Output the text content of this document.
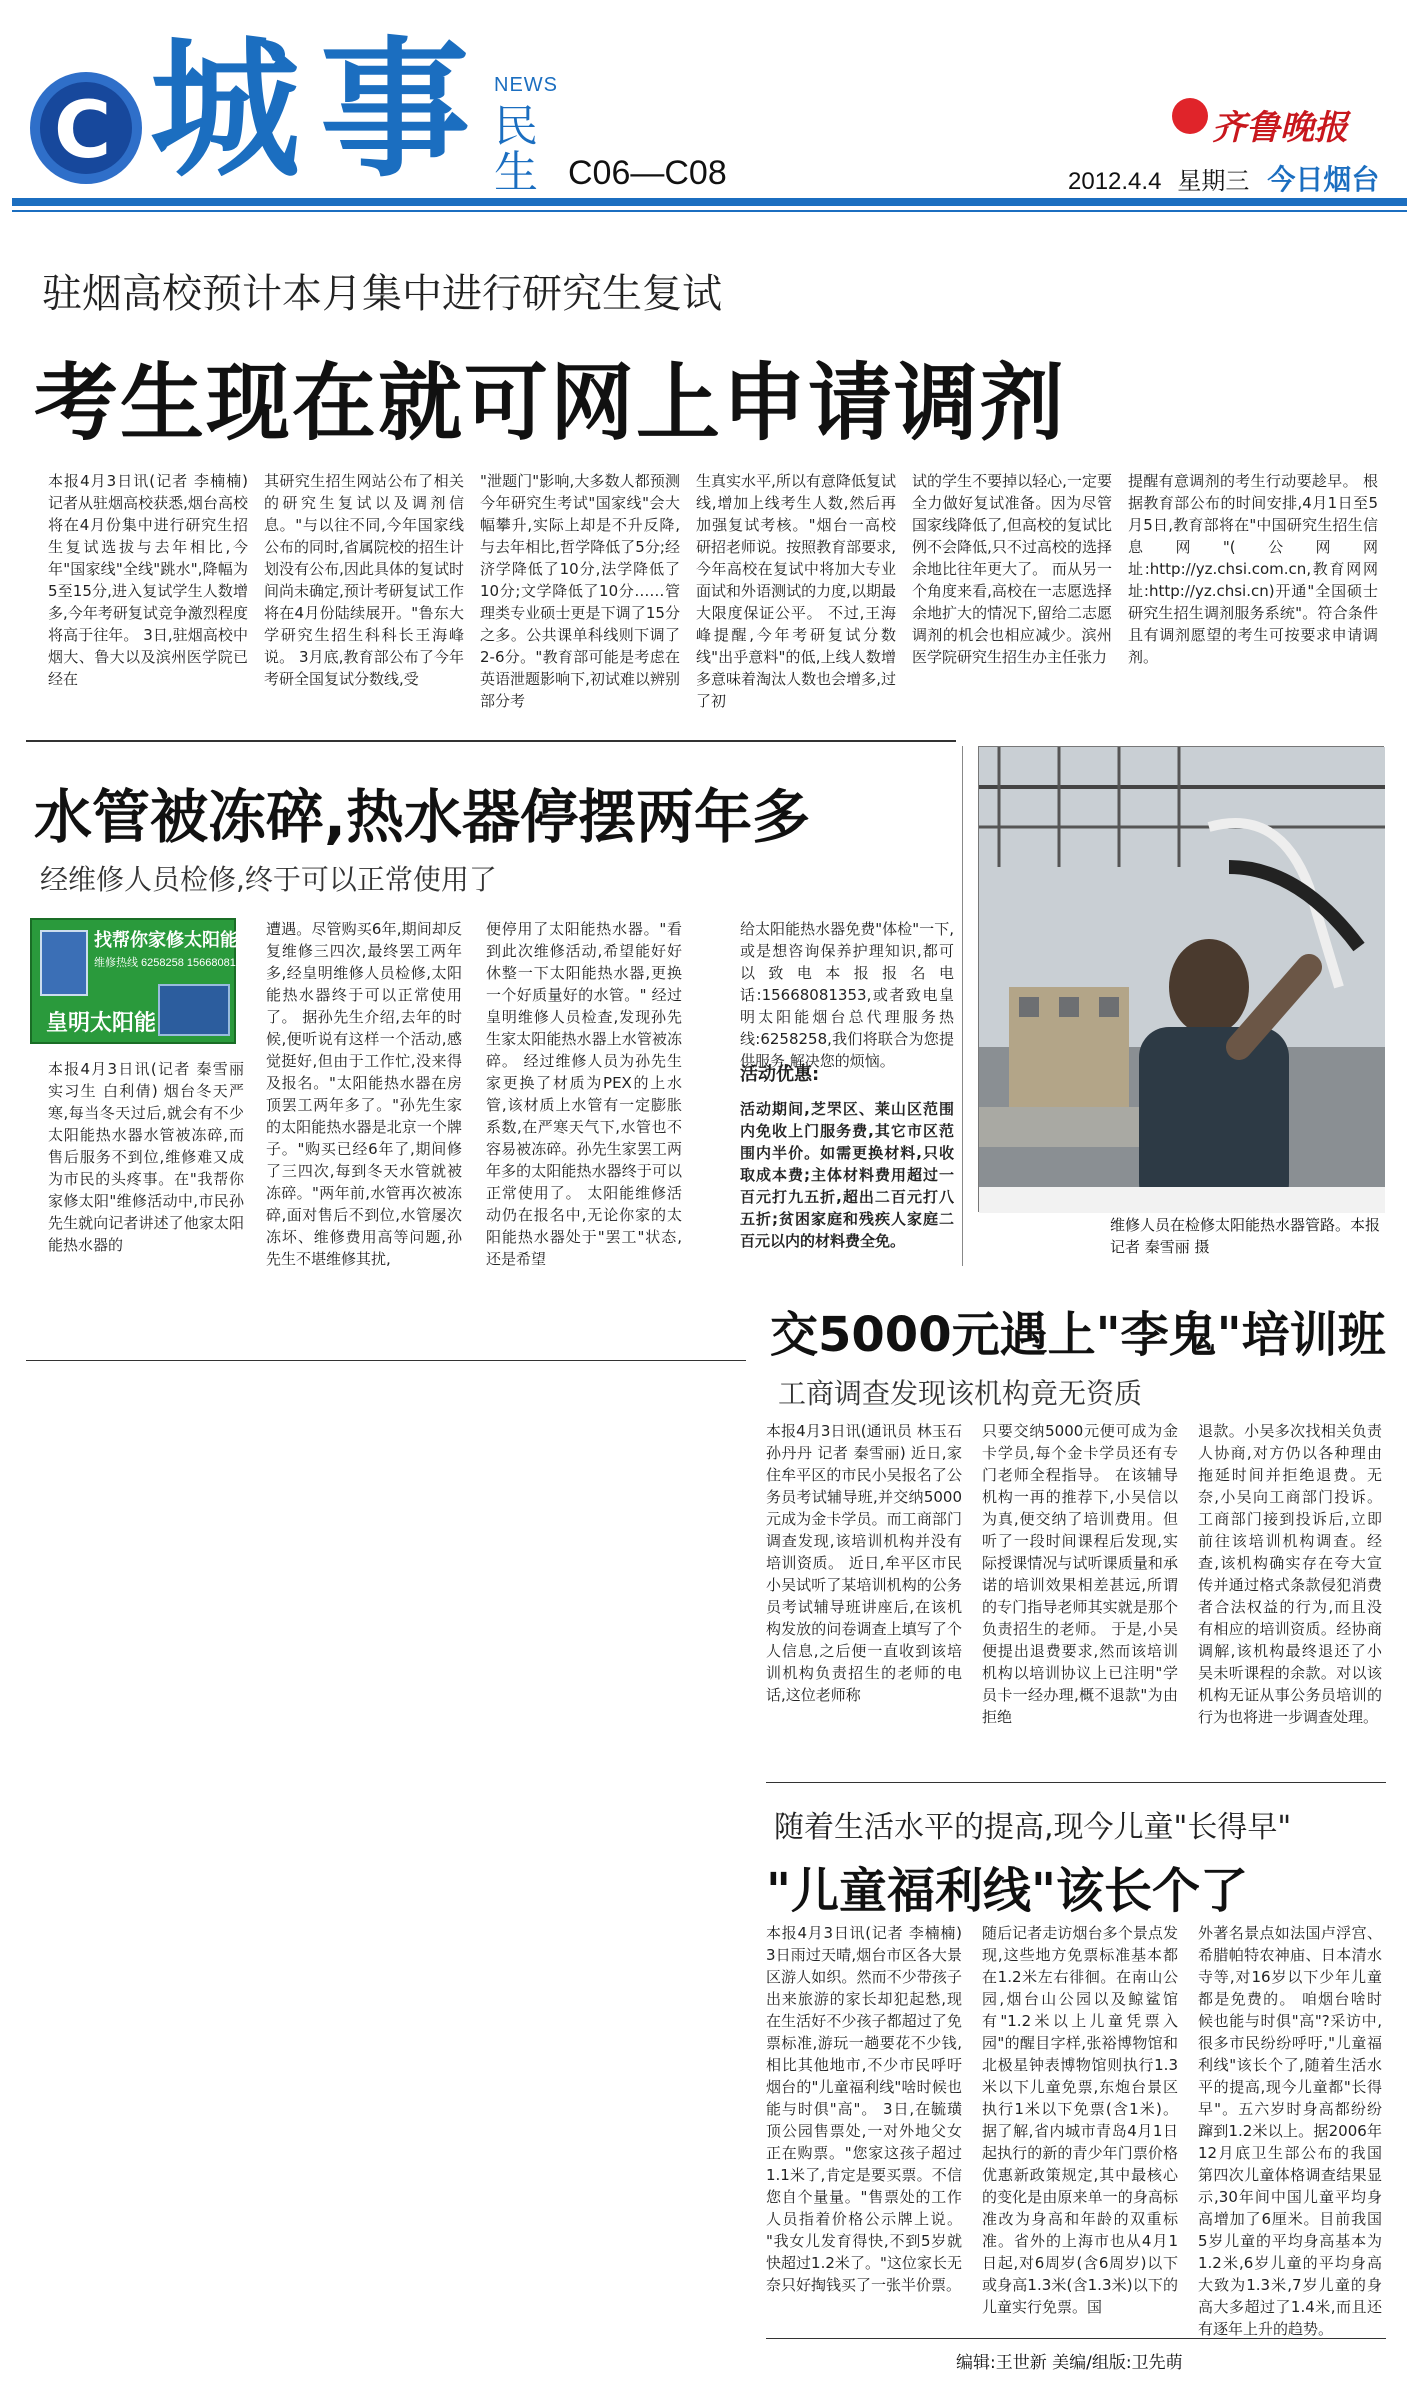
C 城 事 NEWS
民生 C06—C08
齐鲁晚报
2012.4.4 星期三 今日烟台
驻烟高校预计本月集中进行研究生复试
考生现在就可网上申请调剂
本报4月3日讯(记者 李楠楠) 记者从驻烟高校获悉,烟台高校将在4月份集中进行研究生招生复试选拔与去年相比,今年"国家线"全线"跳水",降幅为5至15分,进入复试学生人数增多,今年考研复试竞争激烈程度将高于往年。 3日,驻烟高校中烟大、鲁大以及滨州医学院已经在
其研究生招生网站公布了相关的研究生复试以及调剂信息。"与以往不同,今年国家线公布的同时,省属院校的招生计划没有公布,因此具体的复试时间尚未确定,预计考研复试工作将在4月份陆续展开。"鲁东大学研究生招生科科长王海峰说。 3月底,教育部公布了今年考研全国复试分数线,受
"泄题门"影响,大多数人都预测今年研究生考试"国家线"会大幅攀升,实际上却是不升反降,与去年相比,哲学降低了5分;经济学降低了10分,法学降低了10分;文学降低了10分……管理类专业硕士更是下调了15分之多。公共课单科线则下调了2-6分。"教育部可能是考虑在英语泄题影响下,初试难以辨别部分考
生真实水平,所以有意降低复试线,增加上线考生人数,然后再加强复试考核。"烟台一高校研招老师说。按照教育部要求,今年高校在复试中将加大专业面试和外语测试的力度,以期最大限度保证公平。 不过,王海峰提醒,今年考研复试分数线"出乎意料"的低,上线人数增多意味着淘汰人数也会增多,过了初
试的学生不要掉以轻心,一定要全力做好复试准备。因为尽管国家线降低了,但高校的复试比例不会降低,只不过高校的选择余地比往年更大了。 而从另一个角度来看,高校在一志愿选择余地扩大的情况下,留给二志愿调剂的机会也相应减少。滨州医学院研究生招生办主任张力
提醒有意调剂的考生行动要趁早。 根据教育部公布的时间安排,4月1日至5月5日,教育部将在"中国研究生招生信息网"(公网网址:http://yz.chsi.com.cn,教育网网址:http://yz.chsi.cn)开通"全国硕士研究生招生调剂服务系统"。符合条件且有调剂愿望的考生可按要求申请调剂。
水管被冻碎,热水器停摆两年多
经维修人员检修,终于可以正常使用了
找帮你家修太阳能
维修热线 6258258 15668081353
皇明太阳能
本报4月3日讯(记者 秦雪丽 实习生 白利倩) 烟台冬天严寒,每当冬天过后,就会有不少太阳能热水器水管被冻碎,而售后服务不到位,维修难又成为市民的头疼事。在"我帮你家修太阳"维修活动中,市民孙先生就向记者讲述了他家太阳能热水器的
遭遇。尽管购买6年,期间却反复维修三四次,最终罢工两年多,经皇明维修人员检修,太阳能热水器终于可以正常使用了。 据孙先生介绍,去年的时候,便听说有这样一个活动,感觉挺好,但由于工作忙,没来得及报名。"太阳能热水器在房顶罢工两年多了。"孙先生家的太阳能热水器是北京一个牌子。"购买已经6年了,期间修了三四次,每到冬天水管就被冻碎。"两年前,水管再次被冻碎,面对售后不到位,水管屡次冻坏、维修费用高等问题,孙先生不堪维修其扰,
便停用了太阳能热水器。"看到此次维修活动,希望能好好休整一下太阳能热水器,更换一个好质量好的水管。" 经过皇明维修人员检查,发现孙先生家太阳能热水器上水管被冻碎。 经过维修人员为孙先生家更换了材质为PEX的上水管,该材质上水管有一定膨胀系数,在严寒天气下,水管也不容易被冻碎。孙先生家罢工两年多的太阳能热水器终于可以正常使用了。 太阳能维修活动仍在报名中,无论你家的太阳能热水器处于"罢工"状态,还是希望
给太阳能热水器免费"体检"一下,或是想咨询保养护理知识,都可以致电本报报名电话:15668081353,或者致电皇明太阳能烟台总代理服务热线:6258258,我们将联合为您提供服务,解决您的烦恼。
活动优惠:
活动期间,芝罘区、莱山区范围内免收上门服务费,其它市区范围内半价。如需更换材料,只收取成本费;主体材料费用超过一百元打九五折,超出二百元打八五折;贫困家庭和残疾人家庭二百元以内的材料费全免。
维修人员在检修太阳能热水器管路。本报记者 秦雪丽 摄
交5000元遇上"李鬼"培训班
工商调查发现该机构竟无资质
本报4月3日讯(通讯员 林玉石 孙丹丹 记者 秦雪丽) 近日,家住牟平区的市民小吴报名了公务员考试辅导班,并交纳5000元成为金卡学员。而工商部门调查发现,该培训机构并没有培训资质。 近日,牟平区市民小吴试听了某培训机构的公务员考试辅导班讲座后,在该机构发放的问卷调查上填写了个人信息,之后便一直收到该培训机构负责招生的老师的电话,这位老师称
只要交纳5000元便可成为金卡学员,每个金卡学员还有专门老师全程指导。 在该辅导机构一再的推荐下,小吴信以为真,便交纳了培训费用。但听了一段时间课程后发现,实际授课情况与试听课质量和承诺的培训效果相差甚远,所谓的专门指导老师其实就是那个负责招生的老师。 于是,小吴便提出退费要求,然而该培训机构以培训协议上已注明"学员卡一经办理,概不退款"为由拒绝
退款。小吴多次找相关负责人协商,对方仍以各种理由拖延时间并拒绝退费。无奈,小吴向工商部门投诉。 工商部门接到投诉后,立即前往该培训机构调查。经查,该机构确实存在夸大宣传并通过格式条款侵犯消费者合法权益的行为,而且没有相应的培训资质。经协商调解,该机构最终退还了小吴未听课程的余款。对以该机构无证从事公务员培训的行为也将进一步调查处理。
随着生活水平的提高,现今儿童"长得早"
"儿童福利线"该长个了
本报4月3日讯(记者 李楠楠) 3日雨过天晴,烟台市区各大景区游人如织。然而不少带孩子出来旅游的家长却犯起愁,现在生活好不少孩子都超过了免票标准,游玩一趟要花不少钱,相比其他地市,不少市民呼吁烟台的"儿童福利线"啥时候也能与时俱"高"。 3日,在毓璜顶公园售票处,一对外地父女正在购票。"您家这孩子超过1.1米了,肯定是要买票。不信您自个量量。"售票处的工作人员指着价格公示牌上说。 "我女儿发育得快,不到5岁就快超过1.2米了。"这位家长无奈只好掏钱买了一张半价票。
随后记者走访烟台多个景点发现,这些地方免票标准基本都在1.2米左右徘徊。在南山公园,烟台山公园以及鲸鲨馆有"1.2米以上儿童凭票入园"的醒目字样,张裕博物馆和北极星钟表博物馆则执行1.3米以下儿童免票,东炮台景区执行1米以下免票(含1米)。 据了解,省内城市青岛4月1日起执行的新的青少年门票价格优惠新政策规定,其中最核心的变化是由原来单一的身高标准改为身高和年龄的双重标准。省外的上海市也从4月1日起,对6周岁(含6周岁)以下或身高1.3米(含1.3米)以下的儿童实行免票。国
外著名景点如法国卢浮宫、希腊帕特农神庙、日本清水寺等,对16岁以下少年儿童都是免费的。 咱烟台啥时候也能与时俱"高"?采访中,很多市民纷纷呼吁,"儿童福利线"该长个了,随着生活水平的提高,现今儿童都"长得早"。五六岁时身高都纷纷蹿到1.2米以上。据2006年12月底卫生部公布的我国第四次儿童体格调查结果显示,30年间中国儿童平均身高增加了6厘米。目前我国5岁儿童的平均身高基本为1.2米,6岁儿童的平均身高大致为1.3米,7岁儿童的身高大多超过了1.4米,而且还有逐年上升的趋势。
编辑:王世新 美编/组版:卫先萌
